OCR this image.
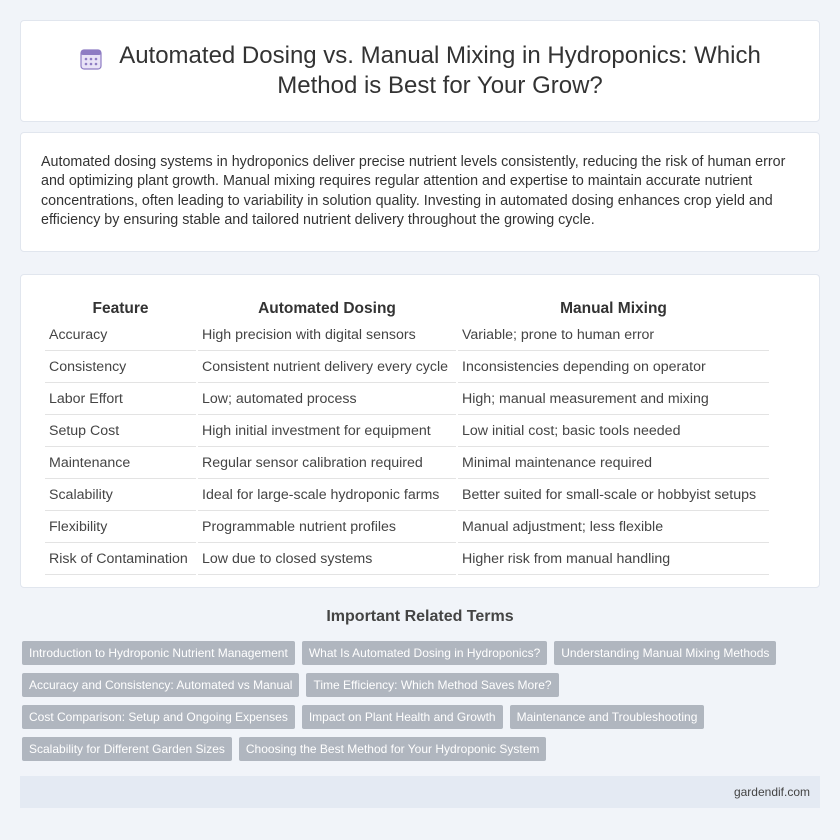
Automated Dosing vs. Manual Mixing in Hydroponics: Which Method is Best for Your Grow?

Automated dosing systems in hydroponics deliver precise nutrient levels consistently, reducing the risk of human error and optimizing plant growth. Manual mixing requires regular attention and expertise to maintain accurate nutrient concentrations, often leading to variability in solution quality. Investing in automated dosing enhances crop yield and efficiency by ensuring stable and tailored nutrient delivery throughout the growing cycle.

Feature	Automated Dosing	Manual Mixing
Accuracy	High precision with digital sensors	Variable; prone to human error
Consistency	Consistent nutrient delivery every cycle	Inconsistencies depending on operator
Labor Effort	Low; automated process	High; manual measurement and mixing
Setup Cost	High initial investment for equipment	Low initial cost; basic tools needed
Maintenance	Regular sensor calibration required	Minimal maintenance required
Scalability	Ideal for large-scale hydroponic farms	Better suited for small-scale or hobbyist setups
Flexibility	Programmable nutrient profiles	Manual adjustment; less flexible
Risk of Contamination	Low due to closed systems	Higher risk from manual handling
Important Related Terms
Introduction to Hydroponic Nutrient Management	What Is Automated Dosing in Hydroponics?	Understanding Manual Mixing Methods
Accuracy and Consistency: Automated vs Manual	Time Efficiency: Which Method Saves More?
Cost Comparison: Setup and Ongoing Expenses	Impact on Plant Health and Growth	Maintenance and Troubleshooting
Scalability for Different Garden Sizes	Choosing the Best Method for Your Hydroponic System
gardendif.com
